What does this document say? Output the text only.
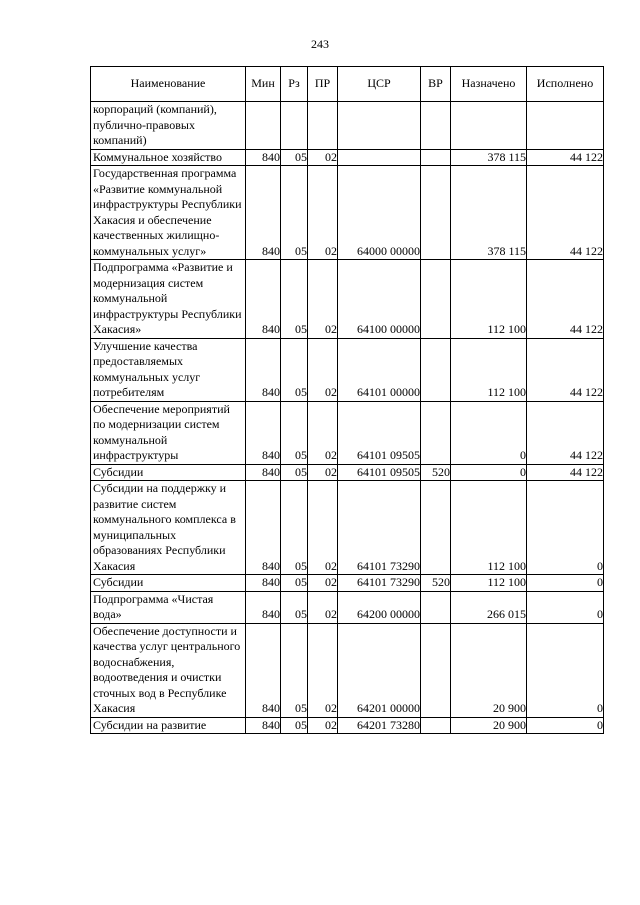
243
Наименование	Мин	Рз	ПР	ЦСР	ВР	Назначено	Исполнено
корпораций (компаний), публично-правовых компаний)							
Коммунальное хозяйство	840	05	02			378 115	44 122
Государственная программа «Развитие коммунальной инфраструктуры Республики Хакасия и обеспечение качественных жилищно-коммунальных услуг»	840	05	02	64000 00000		378 115	44 122
Подпрограмма «Развитие и модернизация систем коммунальной инфраструктуры Республики Хакасия»	840	05	02	64100 00000		112 100	44 122
Улучшение качества предоставляемых коммунальных услуг потребителям	840	05	02	64101 00000		112 100	44 122
Обеспечение мероприятий по модернизации систем коммунальной инфраструктуры	840	05	02	64101 09505		0	44 122
Субсидии	840	05	02	64101 09505	520	0	44 122
Субсидии на поддержку и развитие систем коммунального комплекса в муниципальных образованиях Республики Хакасия	840	05	02	64101 73290		112 100	0
Субсидии	840	05	02	64101 73290	520	112 100	0
Подпрограмма «Чистая вода»	840	05	02	64200 00000		266 015	0
Обеспечение доступности и качества услуг центрального водоснабжения, водоотведения и очистки сточных вод в Республике Хакасия	840	05	02	64201 00000		20 900	0
Субсидии на развитие	840	05	02	64201 73280		20 900	0
